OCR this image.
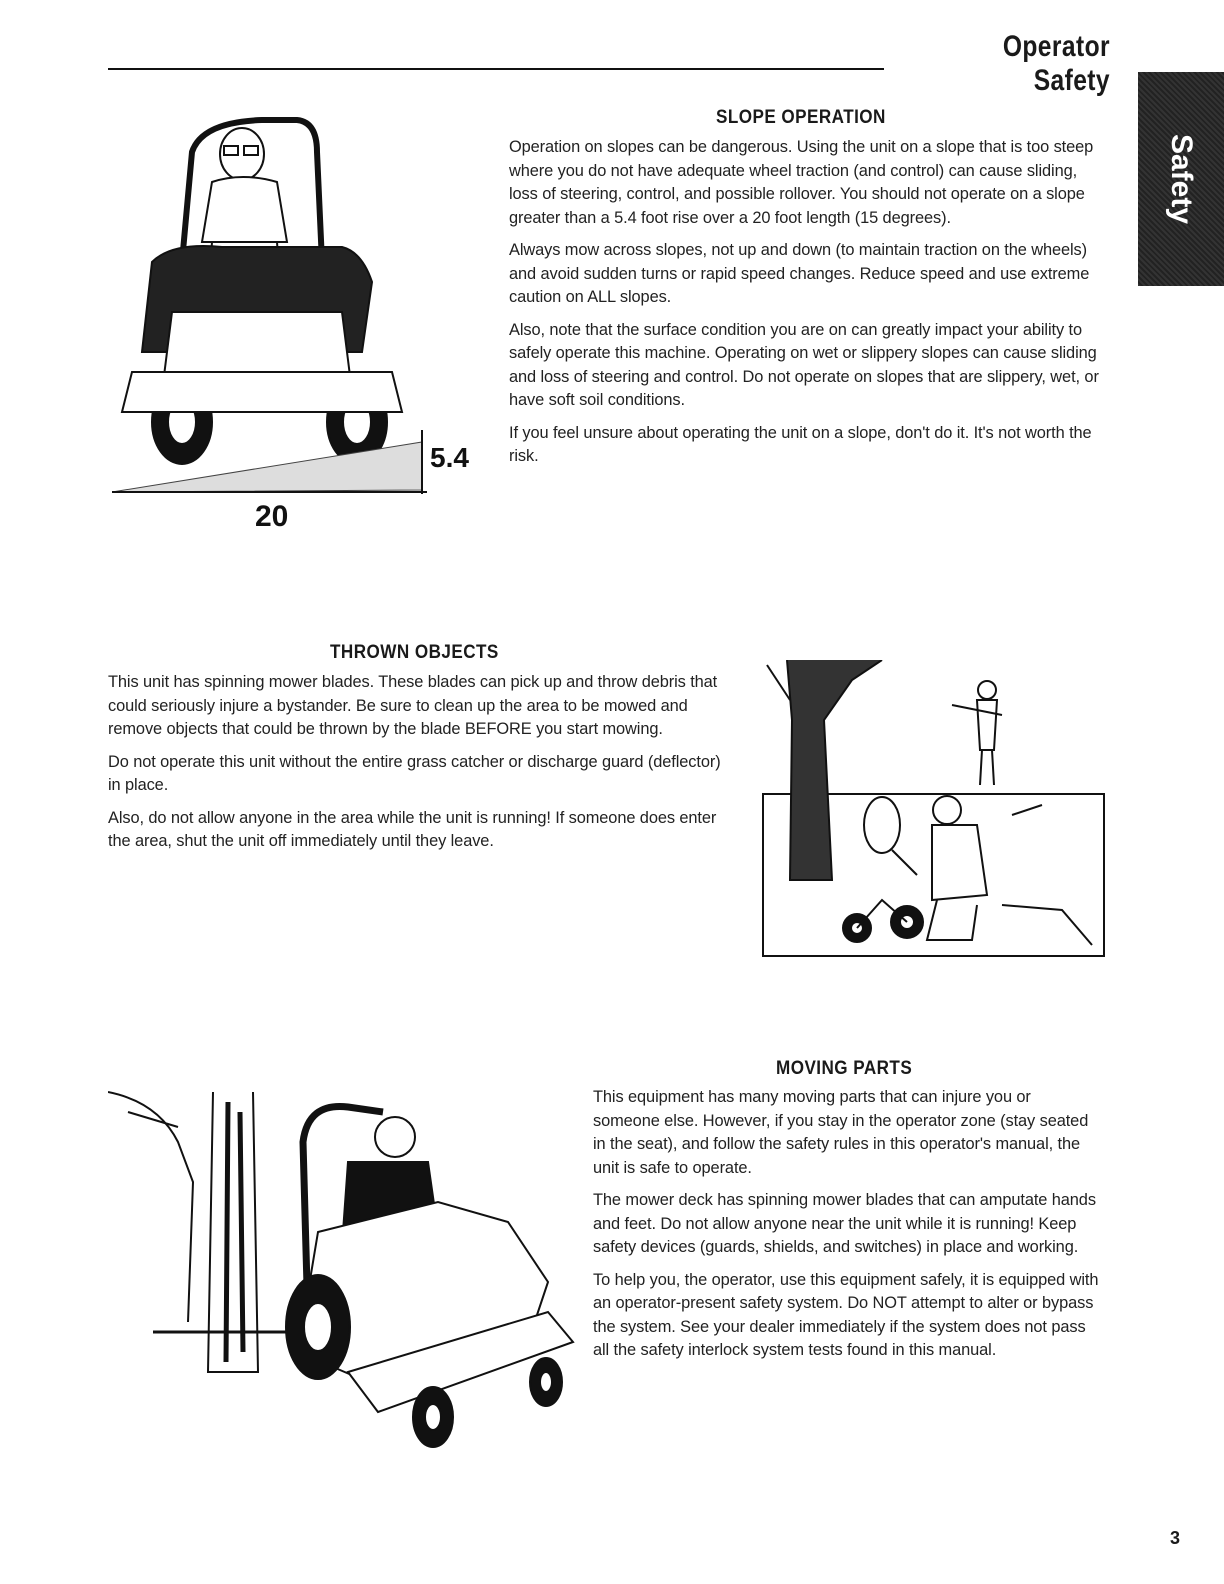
Operator Safety
Safety
5.4
20
SLOPE OPERATION

Operation on slopes can be dangerous. Using the unit on a slope that is too steep where you do not have adequate wheel traction (and control) can cause sliding, loss of steering, control, and possible rollover. You should not operate on a slope greater than a 5.4 foot rise over a 20 foot length (15 degrees).

Always mow across slopes, not up and down (to maintain traction on the wheels) and avoid sudden turns or rapid speed changes. Reduce speed and use extreme caution on ALL slopes.

Also, note that the surface condition you are on can greatly impact your ability to safely operate this machine. Operating on wet or slippery slopes can cause sliding and loss of steering and control. Do not operate on slopes that are slippery, wet, or have soft soil conditions.

If you feel unsure about operating the unit on a slope, don't do it. It's not worth the risk.

THROWN OBJECTS

This unit has spinning mower blades. These blades can pick up and throw debris that could seriously injure a bystander. Be sure to clean up the area to be mowed and remove objects that could be thrown by the blade BEFORE you start mowing.

Do not operate this unit without the entire grass catcher or discharge guard (deflector) in place.

Also, do not allow anyone in the area while the unit is running! If someone does enter the area, shut the unit off immediately until they leave.

MOVING PARTS

This equipment has many moving parts that can injure you or someone else. However, if you stay in the operator zone (stay seated in the seat), and follow the safety rules in this operator's manual, the unit is safe to operate.

The mower deck has spinning mower blades that can amputate hands and feet. Do not allow anyone near the unit while it is running! Keep safety devices (guards, shields, and switches) in place and working.

To help you, the operator, use this equipment safely, it is equipped with an operator-present safety system. Do NOT attempt to alter or bypass the system. See your dealer immediately if the system does not pass all the safety interlock system tests found in this manual.

3
